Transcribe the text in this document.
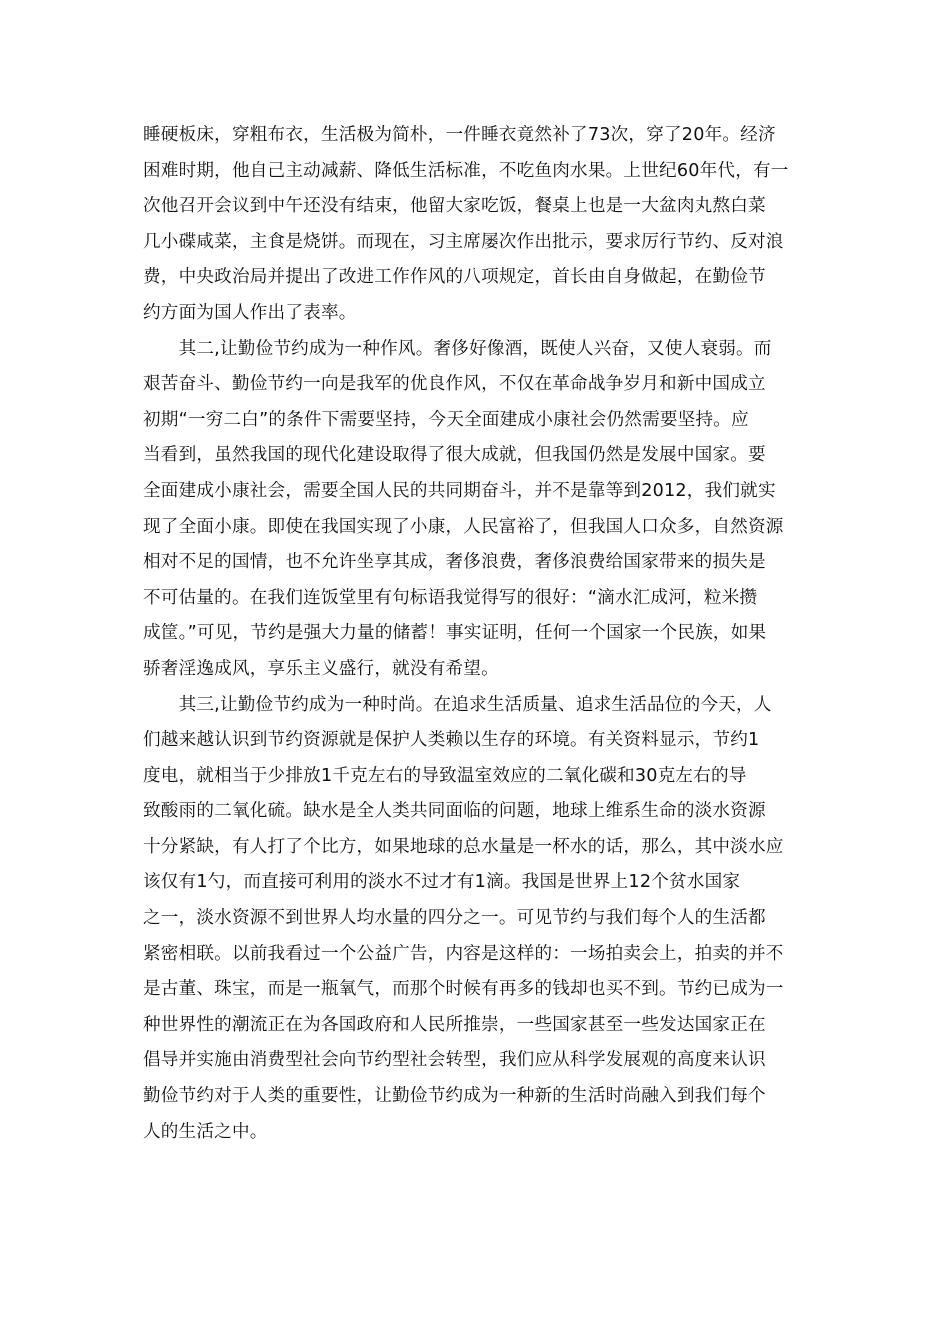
睡硬板床，穿粗布衣，生活极为简朴，一件睡衣竟然补了73次，穿了20年。经济
困难时期，他自己主动减薪、降低生活标准，不吃鱼肉水果。上世纪60年代，有一
次他召开会议到中午还没有结束，他留大家吃饭，餐桌上也是一大盆肉丸熬白菜
几小碟咸菜，主食是烧饼。而现在，习主席屡次作出批示，要求厉行节约、反对浪
费，中央政治局并提出了改进工作作风的八项规定，首长由自身做起，在勤俭节
约方面为国人作出了表率。
　　其二,让勤俭节约成为一种作风。奢侈好像酒，既使人兴奋，又使人衰弱。而
艰苦奋斗、勤俭节约一向是我军的优良作风，不仅在革命战争岁月和新中国成立
初期“一穷二白”的条件下需要坚持，今天全面建成小康社会仍然需要坚持。应
当看到，虽然我国的现代化建设取得了很大成就，但我国仍然是发展中国家。要
全面建成小康社会，需要全国人民的共同期奋斗，并不是靠等到2012，我们就实
现了全面小康。即使在我国实现了小康，人民富裕了，但我国人口众多，自然资源
相对不足的国情，也不允许坐享其成，奢侈浪费，奢侈浪费给国家带来的损失是
不可估量的。在我们连饭堂里有句标语我觉得写的很好：“滴水汇成河，粒米攒
成筐。”可见，节约是强大力量的储蓄！事实证明，任何一个国家一个民族，如果
骄奢淫逸成风，享乐主义盛行，就没有希望。
　　其三,让勤俭节约成为一种时尚。在追求生活质量、追求生活品位的今天，人
们越来越认识到节约资源就是保护人类赖以生存的环境。有关资料显示，节约1
度电，就相当于少排放1千克左右的导致温室效应的二氧化碳和30克左右的导
致酸雨的二氧化硫。缺水是全人类共同面临的问题，地球上维系生命的淡水资源
十分紧缺，有人打了个比方，如果地球的总水量是一杯水的话，那么，其中淡水应
该仅有1勺，而直接可利用的淡水不过才有1滴。我国是世界上12个贫水国家
之一，淡水资源不到世界人均水量的四分之一。可见节约与我们每个人的生活都
紧密相联。以前我看过一个公益广告，内容是这样的：一场拍卖会上，拍卖的并不
是古董、珠宝，而是一瓶氧气，而那个时候有再多的钱却也买不到。节约已成为一
种世界性的潮流正在为各国政府和人民所推崇，一些国家甚至一些发达国家正在
倡导并实施由消费型社会向节约型社会转型，我们应从科学发展观的高度来认识
勤俭节约对于人类的重要性，让勤俭节约成为一种新的生活时尚融入到我们每个
人的生活之中。
